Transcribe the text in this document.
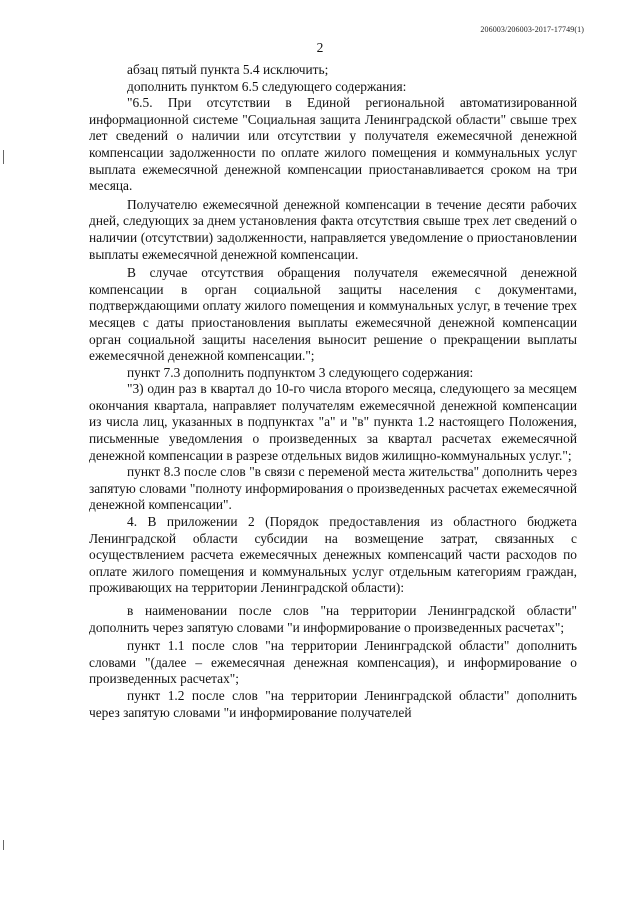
206003/206003-2017-17749(1)
2

абзац пятый пункта 5.4 исключить;

дополнить пунктом 6.5 следующего содержания:

"6.5. При отсутствии в Единой региональной автоматизированной информационной системе "Социальная защита Ленинградской области" свыше трех лет сведений о наличии или отсутствии у получателя ежемесячной денежной компенсации задолженности по оплате жилого помещения и коммунальных услуг выплата ежемесячной денежной компенсации приостанавливается сроком на три месяца.

Получателю ежемесячной денежной компенсации в течение десяти рабочих дней, следующих за днем установления факта отсутствия свыше трех лет сведений о наличии (отсутствии) задолженности, направляется уведомление о приостановлении выплаты ежемесячной денежной компенсации.

В случае отсутствия обращения получателя ежемесячной денежной компенсации в орган социальной защиты населения с документами, подтверждающими оплату жилого помещения и коммунальных услуг, в течение трех месяцев с даты приостановления выплаты ежемесячной денежной компенсации орган социальной защиты населения выносит решение о прекращении выплаты ежемесячной денежной компенсации.";

пункт 7.3 дополнить подпунктом 3 следующего содержания:

"3) один раз в квартал до 10-го числа второго месяца, следующего за месяцем окончания квартала, направляет получателям ежемесячной денежной компенсации из числа лиц, указанных в подпунктах "а" и "в" пункта 1.2 настоящего Положения, письменные уведомления о произведенных за квартал расчетах ежемесячной денежной компенсации в разрезе отдельных видов жилищно-коммунальных услуг.";

пункт 8.3 после слов "в связи с переменой места жительства" дополнить через запятую словами "полноту информирования о произведенных расчетах ежемесячной денежной компенсации".

4. В приложении 2 (Порядок предоставления из областного бюджета Ленинградской области субсидии на возмещение затрат, связанных с осуществлением расчета ежемесячных денежных компенсаций части расходов по оплате жилого помещения и коммунальных услуг отдельным категориям граждан, проживающих на территории Ленинградской области):

в наименовании после слов "на территории Ленинградской области" дополнить через запятую словами "и информирование о произведенных расчетах";

пункт 1.1 после слов "на территории Ленинградской области" дополнить словами "(далее – ежемесячная денежная компенсация), и информирование о произведенных расчетах";

пункт 1.2 после слов "на территории Ленинградской области" дополнить через запятую словами "и информирование получателей
